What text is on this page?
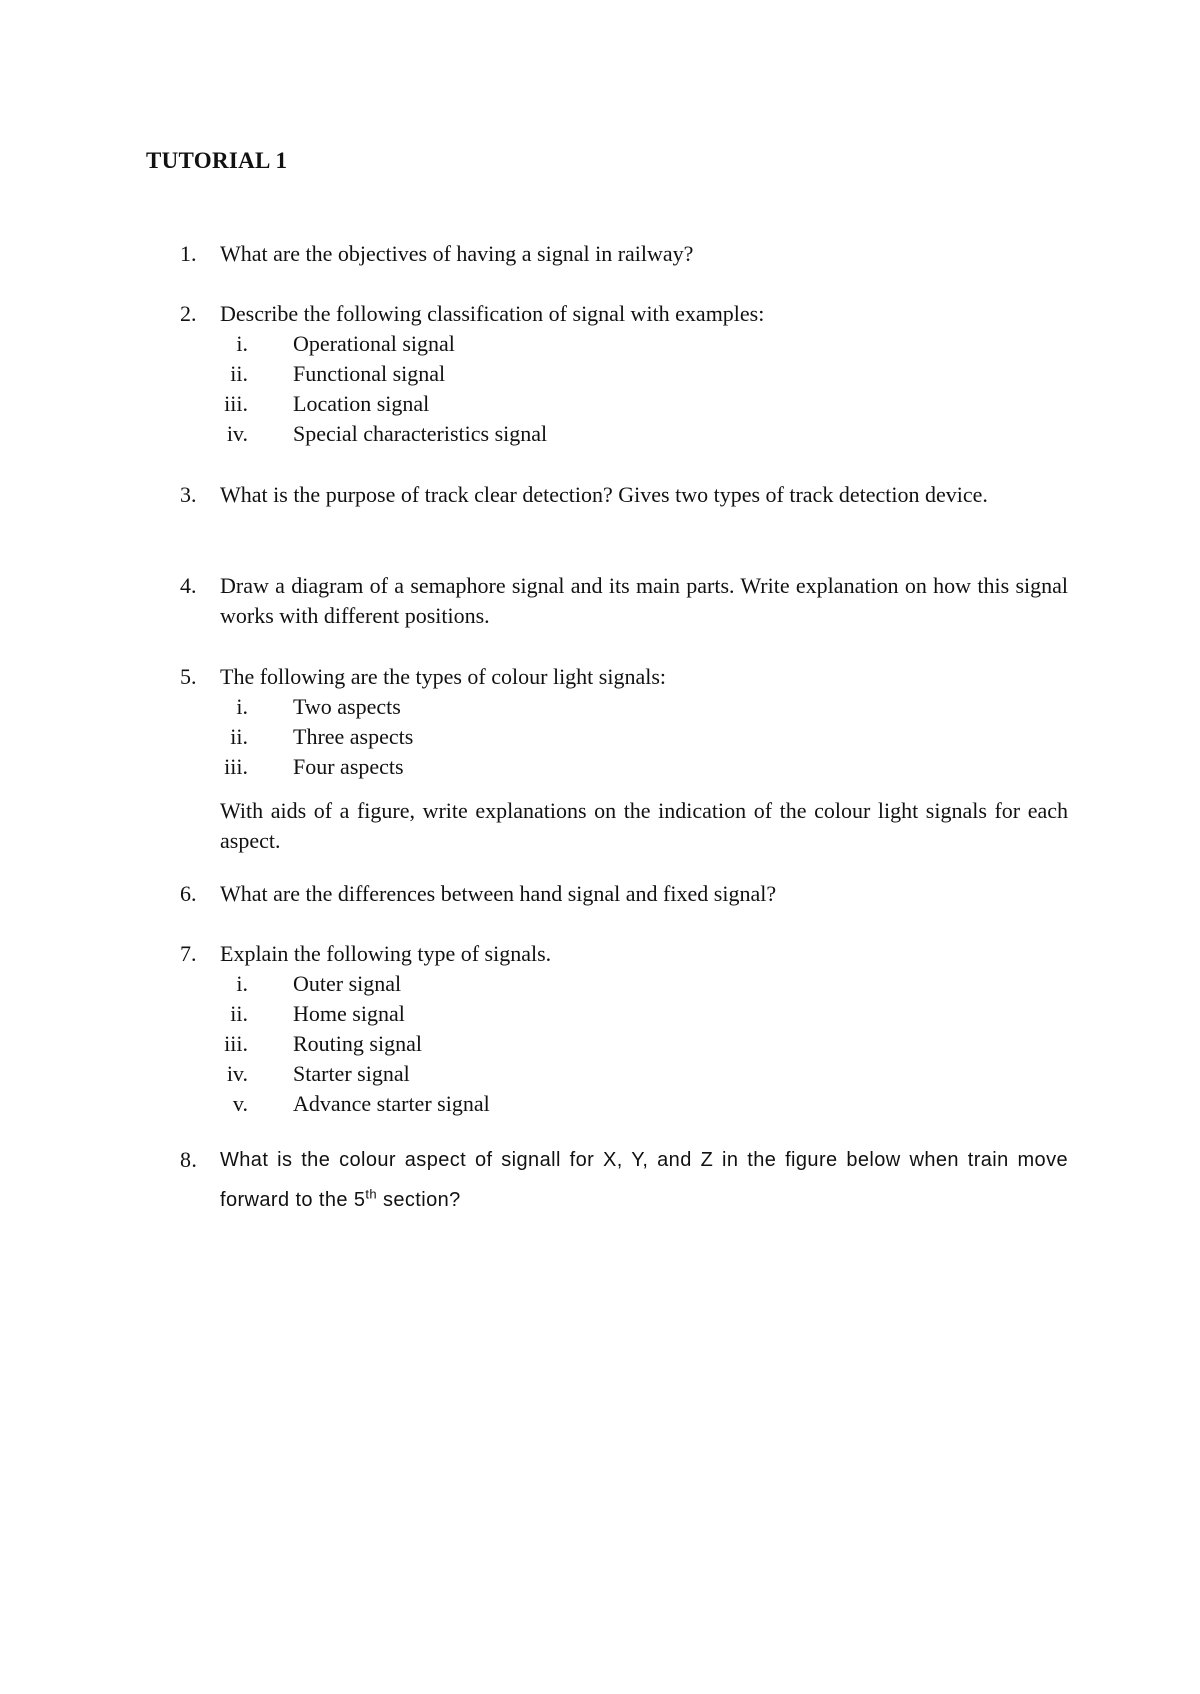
TUTORIAL 1
1.	What are the objectives of having a signal in railway?
2.	Describe the following classification of signal with examples:
i. Operational signal
ii. Functional signal
iii. Location signal
iv. Special characteristics signal
3.	What is the purpose of track clear detection? Gives two types of track detection device.
4.	Draw a diagram of a semaphore signal and its main parts. Write explanation on how this signal works with different positions.
5.	The following are the types of colour light signals:
i. Two aspects
ii. Three aspects
iii. Four aspects
With aids of a figure, write explanations on the indication of the colour light signals for each aspect.
6.	What are the differences between hand signal and fixed signal?
7.	Explain the following type of signals.
i. Outer signal
ii. Home signal
iii. Routing signal
iv. Starter signal
v. Advance starter signal
8.	What is the colour aspect of signall for X, Y, and Z in the figure below when train move forward to the 5th section?
